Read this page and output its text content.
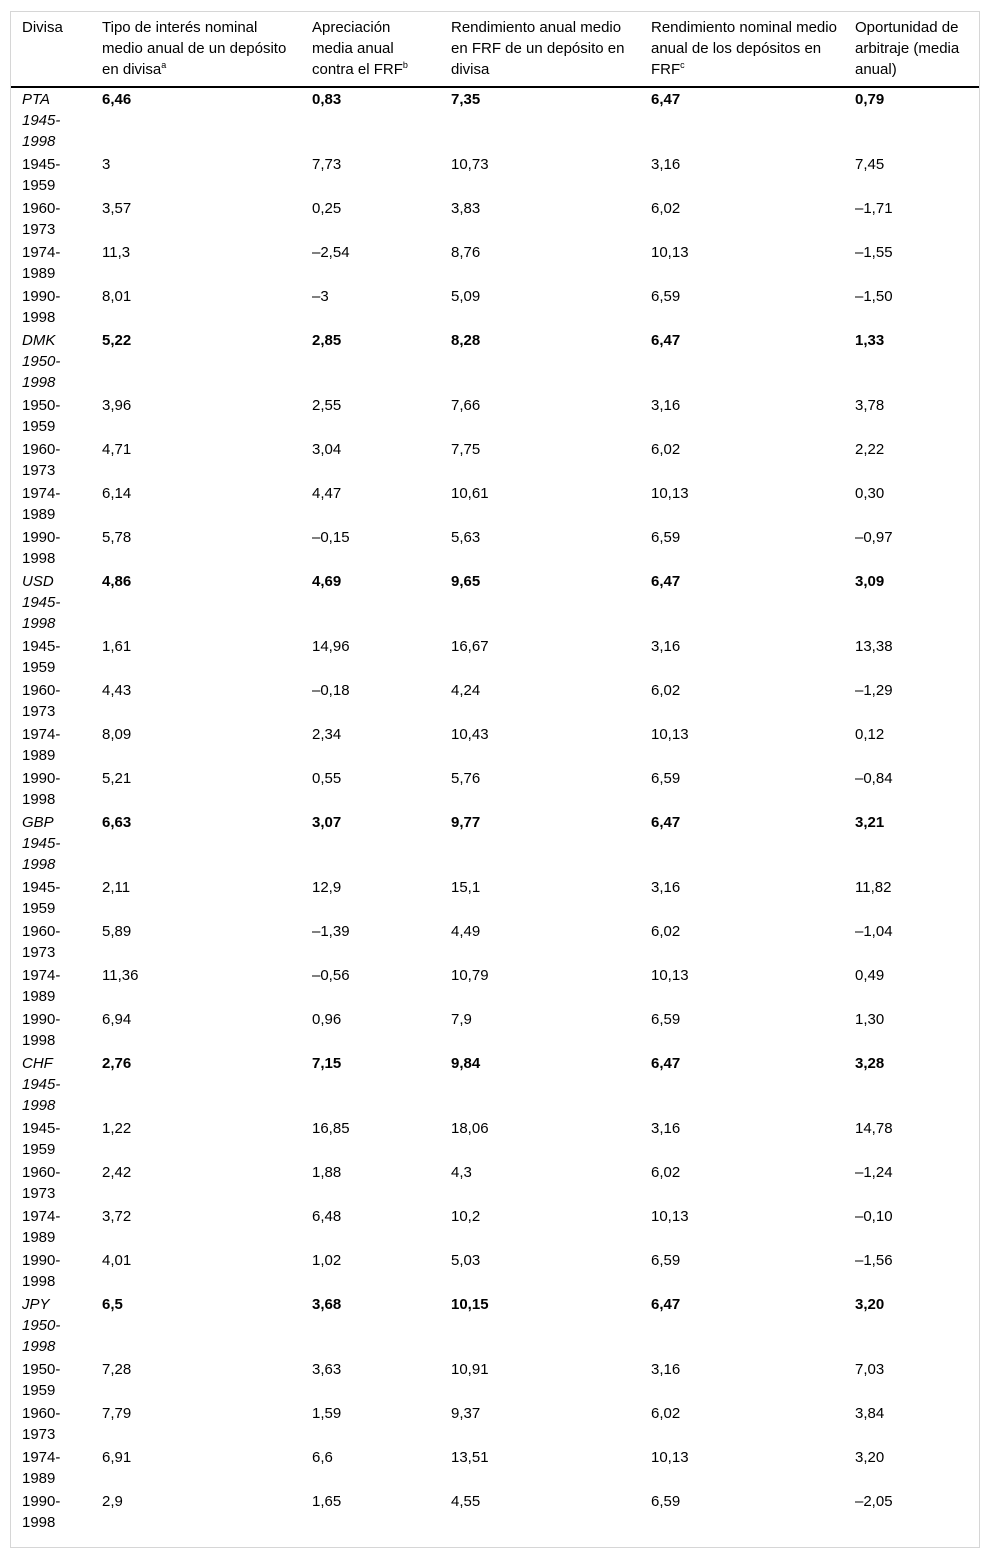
Divisa	Tipo de interés nominal medio anual de un depósito en divisa$^a$	Apreciación media anual contra el FRF$^b$	Rendimiento anual medio en FRF de un depósito en divisa	Rendimiento nominal medio anual de los depósitos en FRF$^c$	Oportunidad de arbitraje (media anual)
PTA 1945-1998	6,46	0,83	7,35	6,47	0,79
1945-1959	3	7,73	10,73	3,16	7,45
1960-1973	3,57	0,25	3,83	6,02	–1,71
1974-1989	11,3	–2,54	8,76	10,13	–1,55
1990-1998	8,01	–3	5,09	6,59	–1,50
DMK 1950-1998	5,22	2,85	8,28	6,47	1,33
1950-1959	3,96	2,55	7,66	3,16	3,78
1960-1973	4,71	3,04	7,75	6,02	2,22
1974-1989	6,14	4,47	10,61	10,13	0,30
1990-1998	5,78	–0,15	5,63	6,59	–0,97
USD 1945-1998	4,86	4,69	9,65	6,47	3,09
1945-1959	1,61	14,96	16,67	3,16	13,38
1960-1973	4,43	–0,18	4,24	6,02	–1,29
1974-1989	8,09	2,34	10,43	10,13	0,12
1990-1998	5,21	0,55	5,76	6,59	–0,84
GBP 1945-1998	6,63	3,07	9,77	6,47	3,21
1945-1959	2,11	12,9	15,1	3,16	11,82
1960-1973	5,89	–1,39	4,49	6,02	–1,04
1974-1989	11,36	–0,56	10,79	10,13	0,49
1990-1998	6,94	0,96	7,9	6,59	1,30
CHF 1945-1998	2,76	7,15	9,84	6,47	3,28
1945-1959	1,22	16,85	18,06	3,16	14,78
1960-1973	2,42	1,88	4,3	6,02	–1,24
1974-1989	3,72	6,48	10,2	10,13	–0,10
1990-1998	4,01	1,02	5,03	6,59	–1,56
JPY 1950-1998	6,5	3,68	10,15	6,47	3,20
1950-1959	7,28	3,63	10,91	3,16	7,03
1960-1973	7,79	1,59	9,37	6,02	3,84
1974-1989	6,91	6,6	13,51	10,13	3,20
1990-1998	2,9	1,65	4,55	6,59	–2,05
